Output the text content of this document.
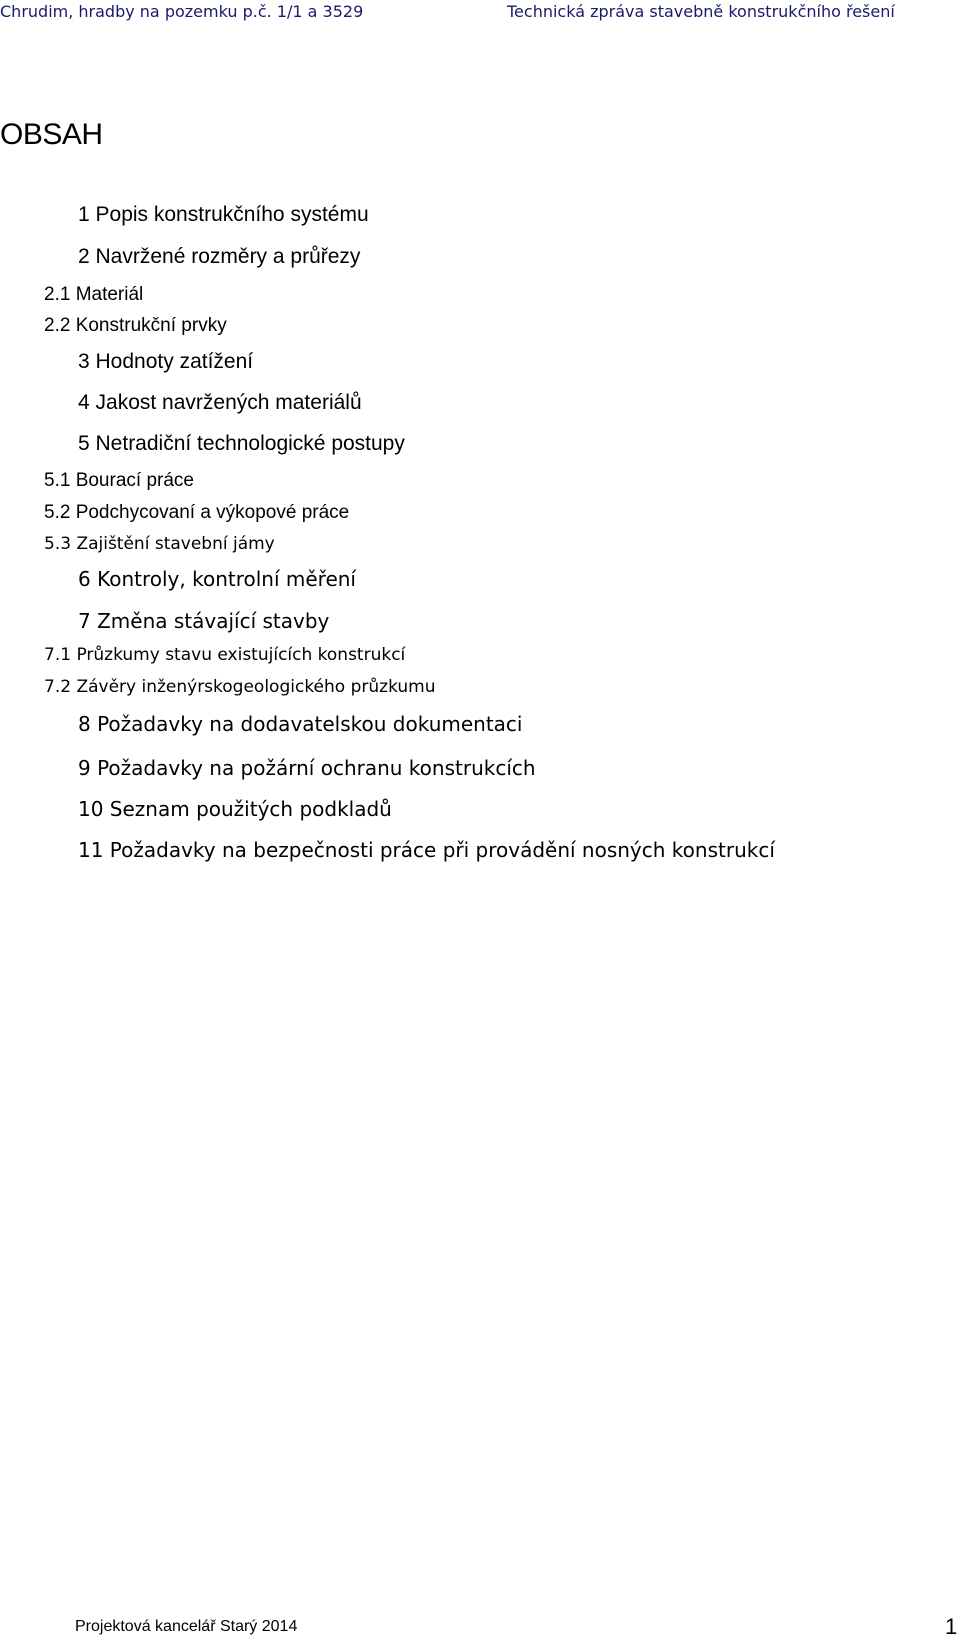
Chrudim, hradby na pozemku p.č. 1/1 a 3529	Technická zpráva stavebně konstrukčního řešení
OBSAH
1 Popis konstrukčního systému
2 Navržené rozměry a průřezy
2.1 Materiál
2.2 Konstrukční prvky
3 Hodnoty zatížení
4 Jakost navržených materiálů
5 Netradiční technologické postupy
5.1 Bourací práce
5.2 Podchycovaní a výkopové práce
5.3 Zajištění stavební jámy
6 Kontroly, kontrolní měření
7 Změna stávající stavby
7.1 Průzkumy stavu existujících konstrukcí
7.2 Závěry inženýrskogeologického průzkumu
8 Požadavky na dodavatelskou dokumentaci
9 Požadavky na požární ochranu konstrukcích
10 Seznam použitých podkladů
11 Požadavky na bezpečnosti práce při provádění nosných konstrukcí
Projektová kancelář Starý 2014	1
